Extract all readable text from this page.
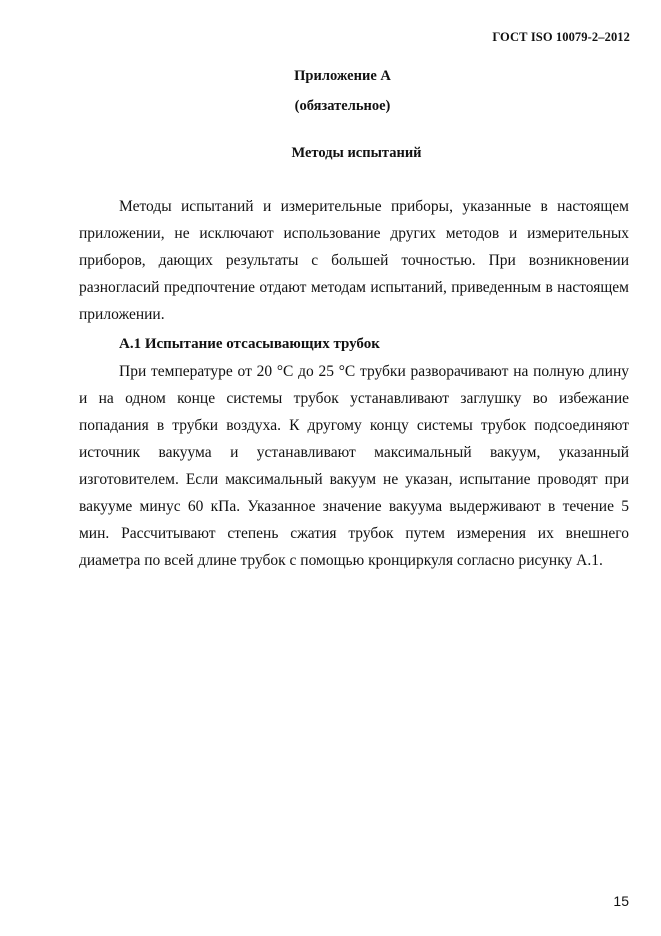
ГОСТ ISO 10079-2–2012
Приложение А
(обязательное)
Методы испытаний

Методы испытаний и измерительные приборы, указанные в настоящем приложении, не исключают использование других методов и измерительных приборов, дающих результаты с большей точностью. При возникновении разногласий предпочтение отдают методам испытаний, приведенным в настоящем приложении.

А.1 Испытание отсасывающих трубок

При температуре от 20 °С до 25 °С трубки разворачивают на полную длину и на одном конце системы трубок устанавливают заглушку во избежание попадания в трубки воздуха. К другому концу системы трубок подсоединяют источник вакуума и устанавливают максимальный вакуум, указанный изготовителем. Если максимальный вакуум не указан, испытание проводят при вакууме минус 60 кПа. Указанное значение вакуума выдерживают в течение 5 мин. Рассчитывают степень сжатия трубок путем измерения их внешнего диаметра по всей длине трубок с помощью кронциркуля согласно рисунку А.1.

15
